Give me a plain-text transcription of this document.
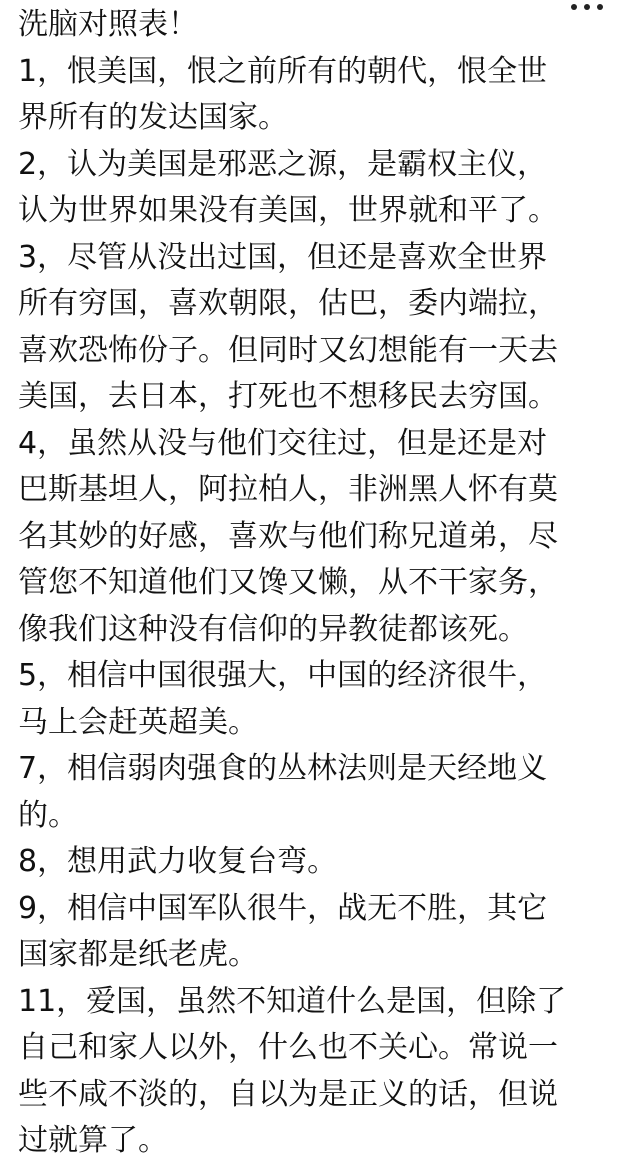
洗脑对照表！
1，恨美国，恨之前所有的朝代，恨全世
界所有的发达国家。
2，认为美国是邪恶之源，是霸权主仪，
认为世界如果没有美国，世界就和平了。
3，尽管从没出过国，但还是喜欢全世界
所有穷国，喜欢朝限，估巴，委内端拉，
喜欢恐怖份子。但同时又幻想能有一天去
美国，去日本，打死也不想移民去穷国。
4，虽然从没与他们交往过，但是还是对
巴斯基坦人，阿拉柏人，非洲黑人怀有莫
名其妙的好感，喜欢与他们称兄道弟，尽
管您不知道他们又馋又懒，从不干家务，
像我们这种没有信仰的异教徒都该死。
5，相信中国很强大，中国的经济很牛，
马上会赶英超美。
7，相信弱肉强食的丛林法则是天经地义
的。
8，想用武力收复台弯。
9，相信中国军队很牛，战无不胜，其它
国家都是纸老虎。
11，爱国，虽然不知道什么是国，但除了
自己和家人以外，什么也不关心。常说一
些不咸不淡的，自以为是正义的话，但说
过就算了。
